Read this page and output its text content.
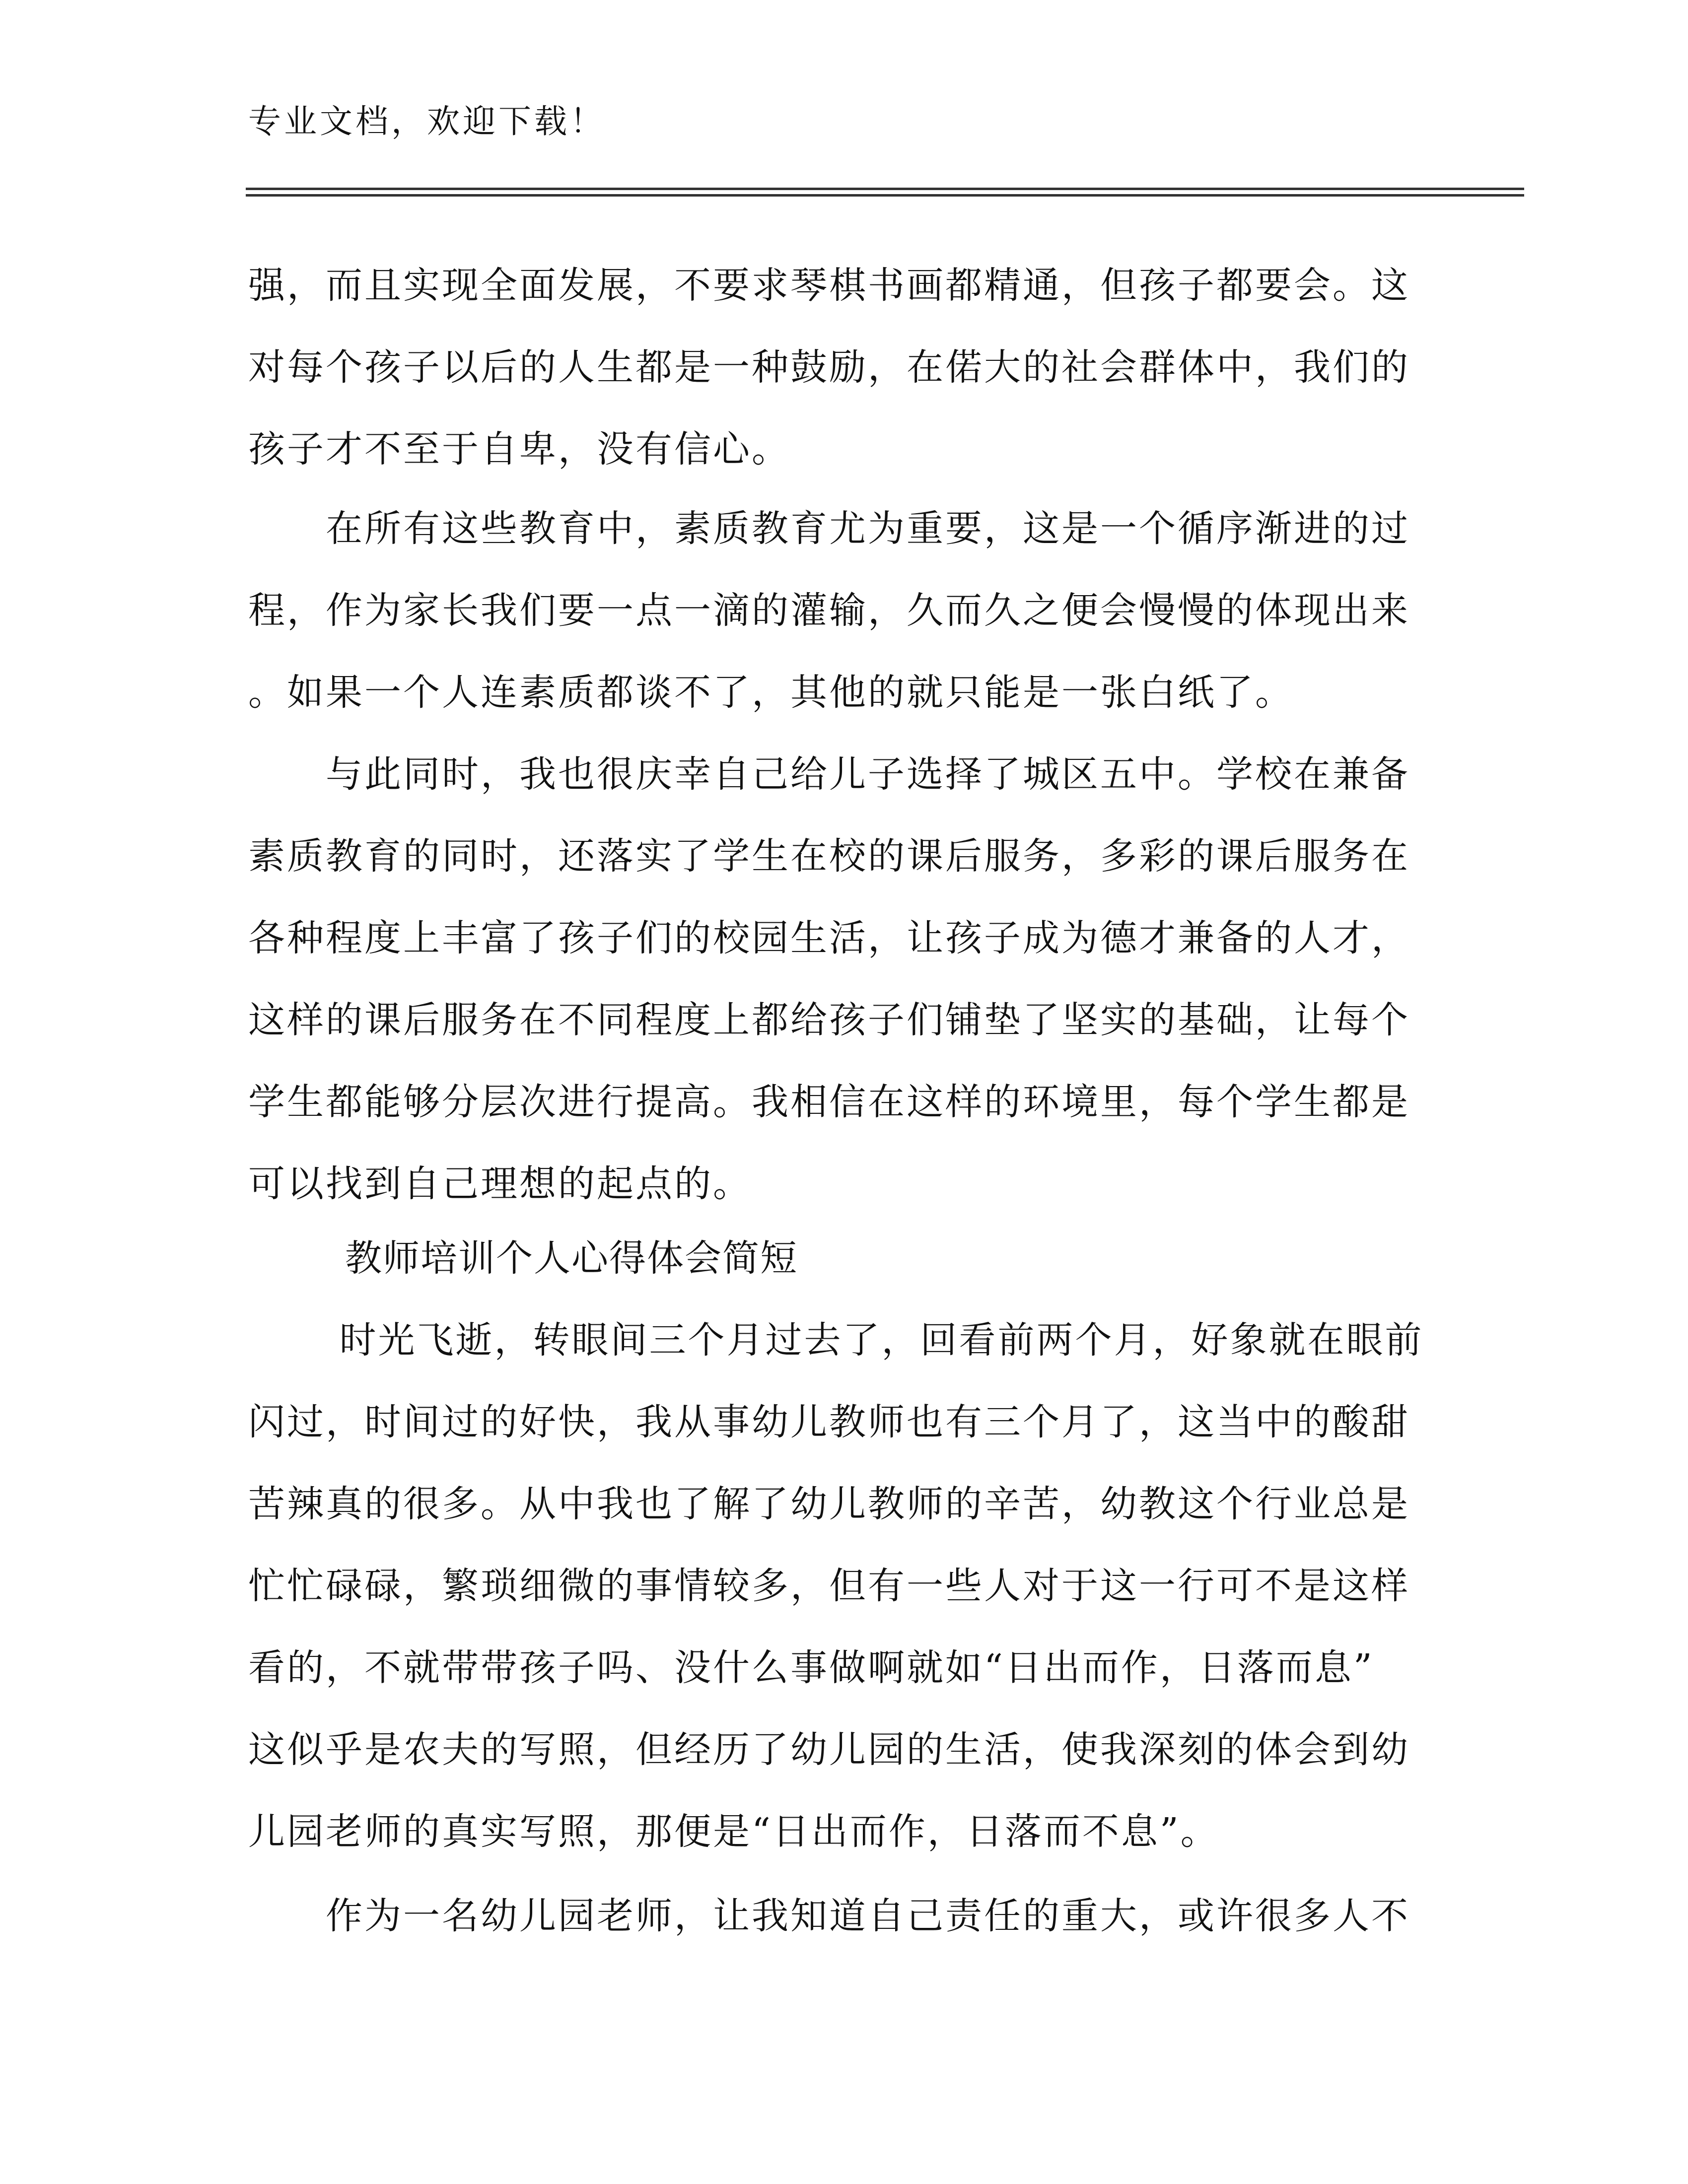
专业文档，欢迎下载！
强，而且实现全面发展，不要求琴棋书画都精通，但孩子都要会。这
对每个孩子以后的人生都是一种鼓励，在偌大的社会群体中，我们的
孩子才不至于自卑，没有信心。
　　在所有这些教育中，素质教育尤为重要，这是一个循序渐进的过
程，作为家长我们要一点一滴的灌输，久而久之便会慢慢的体现出来
。如果一个人连素质都谈不了，其他的就只能是一张白纸了。
　　与此同时，我也很庆幸自己给儿子选择了城区五中。学校在兼备
素质教育的同时，还落实了学生在校的课后服务，多彩的课后服务在
各种程度上丰富了孩子们的校园生活，让孩子成为德才兼备的人才，
这样的课后服务在不同程度上都给孩子们铺垫了坚实的基础，让每个
学生都能够分层次进行提高。我相信在这样的环境里，每个学生都是
可以找到自己理想的起点的。
教师培训个人心得体会简短
　　 时光飞逝，转眼间三个月过去了，回看前两个月，好象就在眼前
闪过，时间过的好快，我从事幼儿教师也有三个月了，这当中的酸甜
苦辣真的很多。从中我也了解了幼儿教师的辛苦，幼教这个行业总是
忙忙碌碌，繁琐细微的事情较多，但有一些人对于这一行可不是这样
看的，不就带带孩子吗、没什么事做啊就如“日出而作，日落而息”
这似乎是农夫的写照，但经历了幼儿园的生活，使我深刻的体会到幼
儿园老师的真实写照，那便是“日出而作，日落而不息”。
　　作为一名幼儿园老师，让我知道自己责任的重大，或许很多人不
